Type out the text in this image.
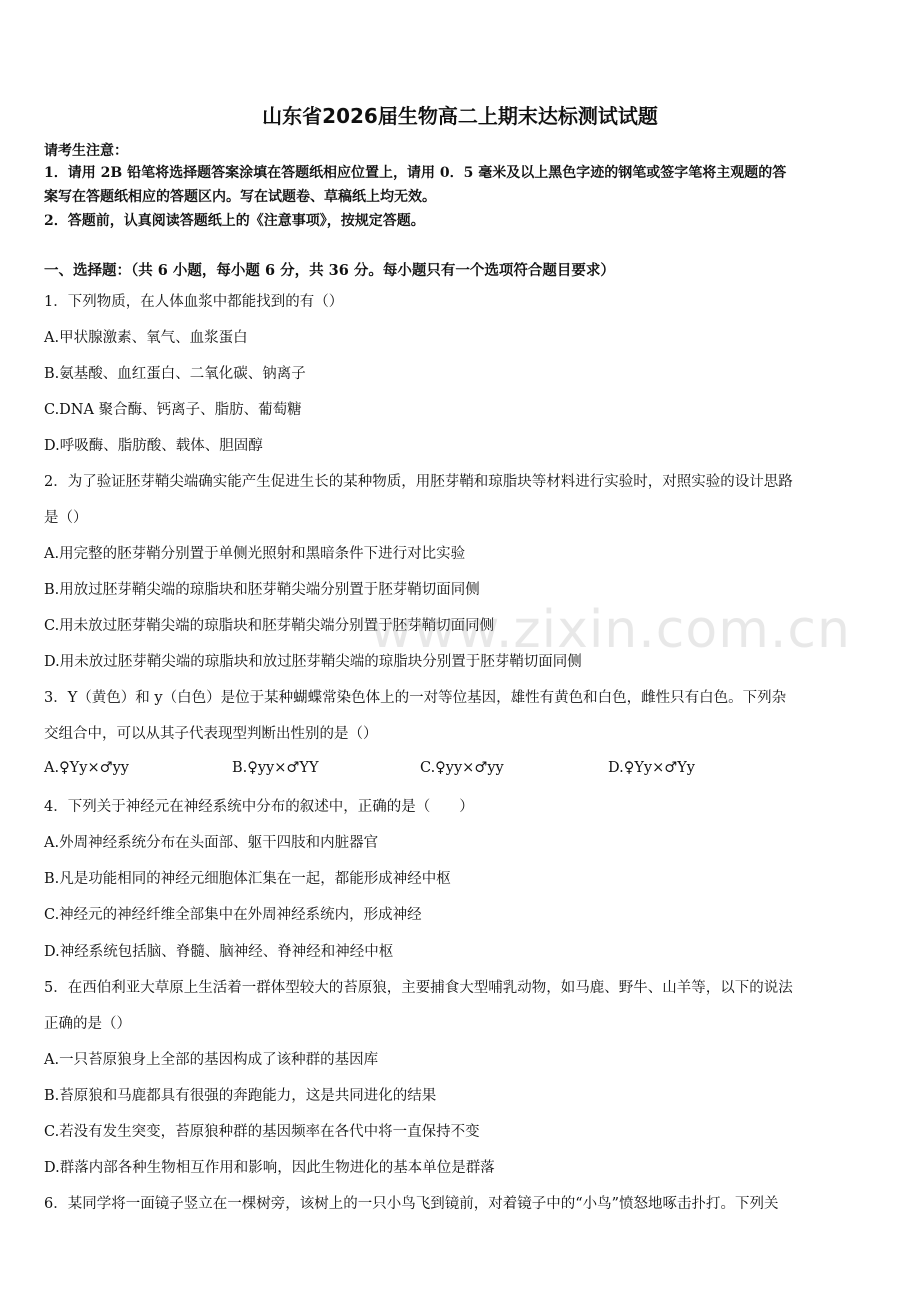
山东省2026届生物高二上期末达标测试试题
请考生注意：
1．请用 2B 铅笔将选择题答案涂填在答题纸相应位置上，请用 0．5 毫米及以上黑色字迹的钢笔或签字笔将主观题的答
案写在答题纸相应的答题区内。写在试题卷、草稿纸上均无效。
2．答题前，认真阅读答题纸上的《注意事项》，按规定答题。
一、选择题：（共 6 小题，每小题 6 分，共 36 分。每小题只有一个选项符合题目要求）
1．下列物质，在人体血浆中都能找到的有（）
A.甲状腺激素、氧气、血浆蛋白
B.氨基酸、血红蛋白、二氧化碳、钠离子
C.DNA 聚合酶、钙离子、脂肪、葡萄糖
D.呼吸酶、脂肪酸、载体、胆固醇
2．为了验证胚芽鞘尖端确实能产生促进生长的某种物质，用胚芽鞘和琼脂块等材料进行实验时，对照实验的设计思路
是（）
A.用完整的胚芽鞘分别置于单侧光照射和黑暗条件下进行对比实验
B.用放过胚芽鞘尖端的琼脂块和胚芽鞘尖端分别置于胚芽鞘切面同侧
C.用未放过胚芽鞘尖端的琼脂块和胚芽鞘尖端分别置于胚芽鞘切面同侧
D.用未放过胚芽鞘尖端的琼脂块和放过胚芽鞘尖端的琼脂块分别置于胚芽鞘切面同侧
3．Y（黄色）和 y（白色）是位于某种蝴蝶常染色体上的一对等位基因，雄性有黄色和白色，雌性只有白色。下列杂
交组合中，可以从其子代表现型判断出性别的是（）
A.♀Yy×♂yy	B.♀yy×♂YY	C.♀yy×♂yy	D.♀Yy×♂Yy
4．下列关于神经元在神经系统中分布的叙述中，正确的是（　　）
A.外周神经系统分布在头面部、躯干四肢和内脏器官
B.凡是功能相同的神经元细胞体汇集在一起，都能形成神经中枢
C.神经元的神经纤维全部集中在外周神经系统内，形成神经
D.神经系统包括脑、脊髓、脑神经、脊神经和神经中枢
5．在西伯利亚大草原上生活着一群体型较大的苔原狼，主要捕食大型哺乳动物，如马鹿、野牛、山羊等，以下的说法
正确的是（）
A.一只苔原狼身上全部的基因构成了该种群的基因库
B.苔原狼和马鹿都具有很强的奔跑能力，这是共同进化的结果
C.若没有发生突变，苔原狼种群的基因频率在各代中将一直保持不变
D.群落内部各种生物相互作用和影响，因此生物进化的基本单位是群落
6．某同学将一面镜子竖立在一棵树旁，该树上的一只小鸟飞到镜前，对着镜子中的“小鸟”愤怒地啄击扑打。下列关
www.zixin.com.cn
